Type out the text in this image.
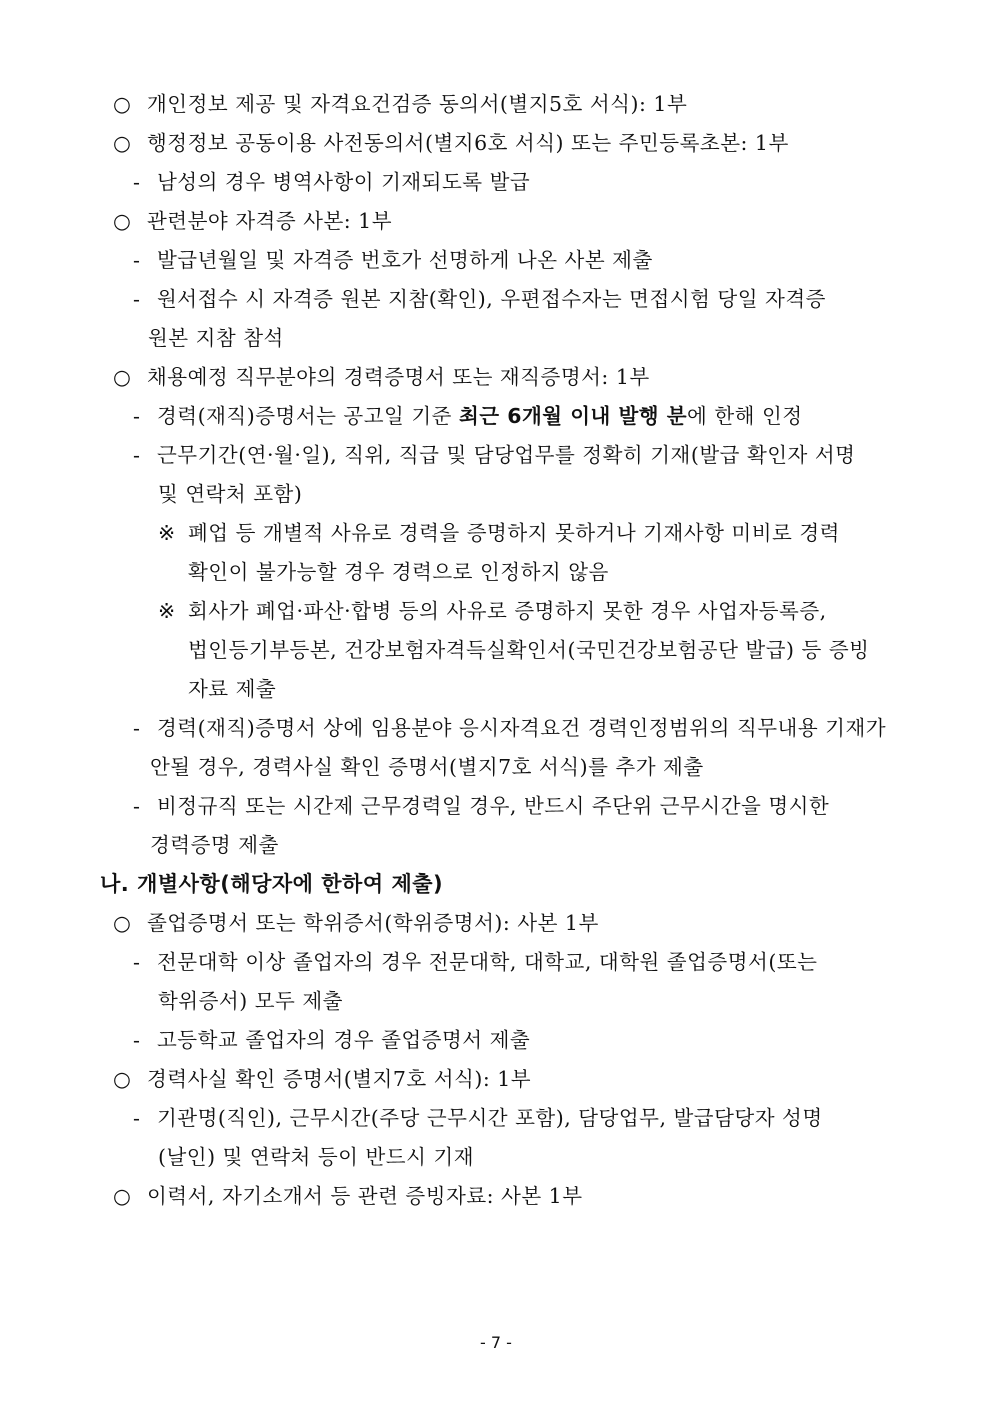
○ 개인정보 제공 및 자격요건검증 동의서(별지5호 서식): 1부
○ 행정정보 공동이용 사전동의서(별지6호 서식) 또는 주민등록초본: 1부
- 남성의 경우 병역사항이 기재되도록 발급
○ 관련분야 자격증 사본: 1부
- 발급년월일 및 자격증 번호가 선명하게 나온 사본 제출
- 원서접수 시 자격증 원본 지참(확인), 우편접수자는 면접시험 당일 자격증
원본 지참 참석
○ 채용예정 직무분야의 경력증명서 또는 재직증명서: 1부
- 경력(재직)증명서는 공고일 기준 최근 6개월 이내 발행 분에 한해 인정
- 근무기간(연·월·일), 직위, 직급 및 담당업무를 정확히 기재(발급 확인자 서명
및 연락처 포함)
※ 폐업 등 개별적 사유로 경력을 증명하지 못하거나 기재사항 미비로 경력
확인이 불가능할 경우 경력으로 인정하지 않음
※ 회사가 폐업·파산·합병 등의 사유로 증명하지 못한 경우 사업자등록증,
법인등기부등본, 건강보험자격득실확인서(국민건강보험공단 발급) 등 증빙
자료 제출
- 경력(재직)증명서 상에 임용분야 응시자격요건 경력인정범위의 직무내용 기재가
안될 경우, 경력사실 확인 증명서(별지7호 서식)를 추가 제출
- 비정규직 또는 시간제 근무경력일 경우, 반드시 주단위 근무시간을 명시한
경력증명 제출
나. 개별사항(해당자에 한하여 제출)
○ 졸업증명서 또는 학위증서(학위증명서): 사본 1부
- 전문대학 이상 졸업자의 경우 전문대학, 대학교, 대학원 졸업증명서(또는
학위증서) 모두 제출
- 고등학교 졸업자의 경우 졸업증명서 제출
○ 경력사실 확인 증명서(별지7호 서식): 1부
- 기관명(직인), 근무시간(주당 근무시간 포함), 담당업무, 발급담당자 성명
(날인) 및 연락처 등이 반드시 기재
○ 이력서, 자기소개서 등 관련 증빙자료: 사본 1부
- 7 -
